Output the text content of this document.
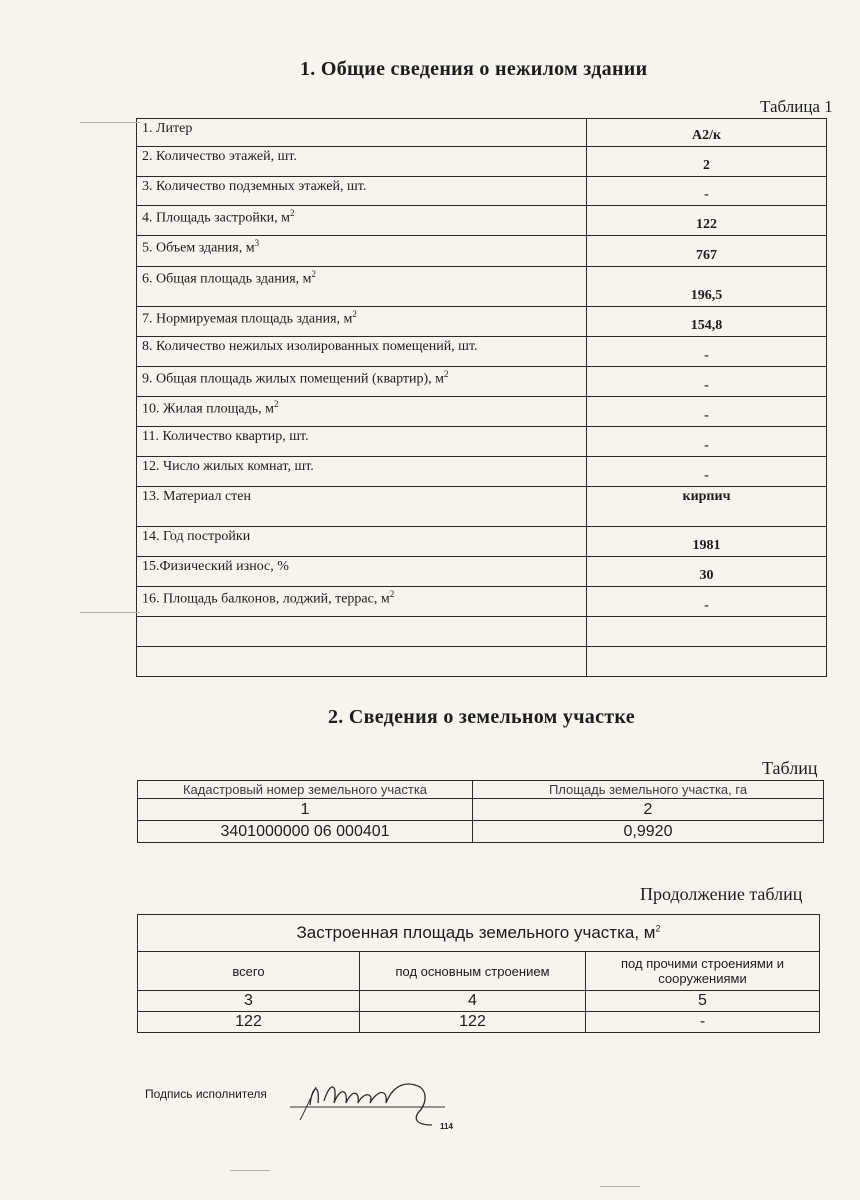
1. Общие сведения о нежилом здании
Таблица 1
1. Литер	А2/к
2. Количество этажей, шт.	2
3. Количество подземных этажей, шт.	-
4. Площадь застройки, $м^2$	122
5. Объем здания, $м^3$	767
6. Общая площадь здания, $м^2$	196,5
7. Нормируемая площадь здания, $м^2$	154,8
8. Количество нежилых изолированных помещений, шт.	-
9. Общая площадь жилых помещений (квартир), $м^2$	-
10. Жилая площадь, $м^2$	-
11. Количество квартир, шт.	-
12. Число жилых комнат, шт.	-
13. Материал стен	кирпич
14. Год постройки	1981
15.Физический износ, %	30
16. Площадь балконов, лоджий, террас, $м^2$	-

2. Сведения о земельном участке
Таблиц
Кадастровый номер земельного участка	Площадь земельного участка, га
1	2
3401000000 06 000401	0,9920
Продолжение таблиц
Застроенная площадь земельного участка, $м^2$
всего	под основным строением	под прочими строениями и сооружениями
3	4	5
122	122	-
Подпись исполнителя
114
